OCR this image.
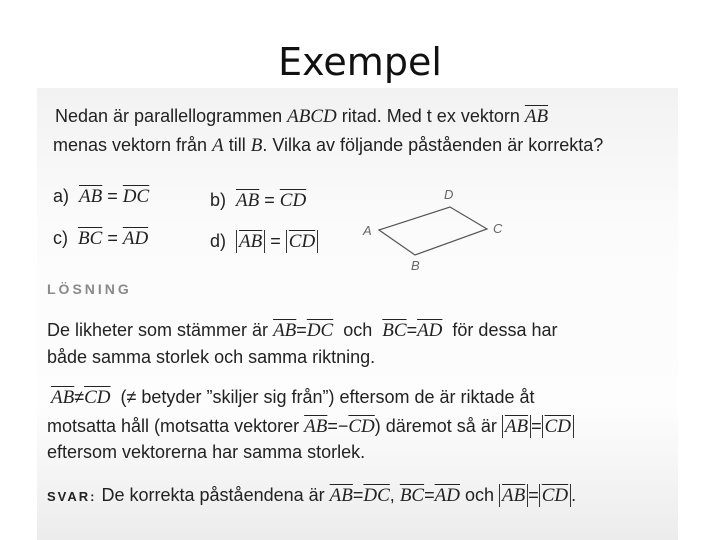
Exempel
Nedan är parallellogrammen ABCD ritad. Med t ex vektorn $\overline{AB}$
menas vektorn från A till B. Vilka av följande påståenden är korrekta?
a) $\overline{AB} = \overline{DC}$	b) $\overline{AB} = \overline{CD}$
c) $\overline{BC} = \overline{AD}$	d) $\overline{AB} = \overline{CD}$
A
B
C
D
LÖSNING
De likheter som stämmer är $\overline{AB}=\overline{DC}$ och $\overline{BC}=\overline{AD}$ för dessa har
både samma storlek och samma riktning.
$\overline{AB}\ne\overline{CD}$ (≠ betyder ”skiljer sig från”) eftersom de är riktade åt
motsatta håll (motsatta vektorer $\overline{AB}=-\overline{CD}$) däremot så är $\overline{AB} = \overline{CD}$
eftersom vektorerna har samma storlek.
SVAR: De korrekta påståendena är $\overline{AB}=\overline{DC}$, $\overline{BC}=\overline{AD}$ och $\overline{AB} = \overline{CD}$ .
